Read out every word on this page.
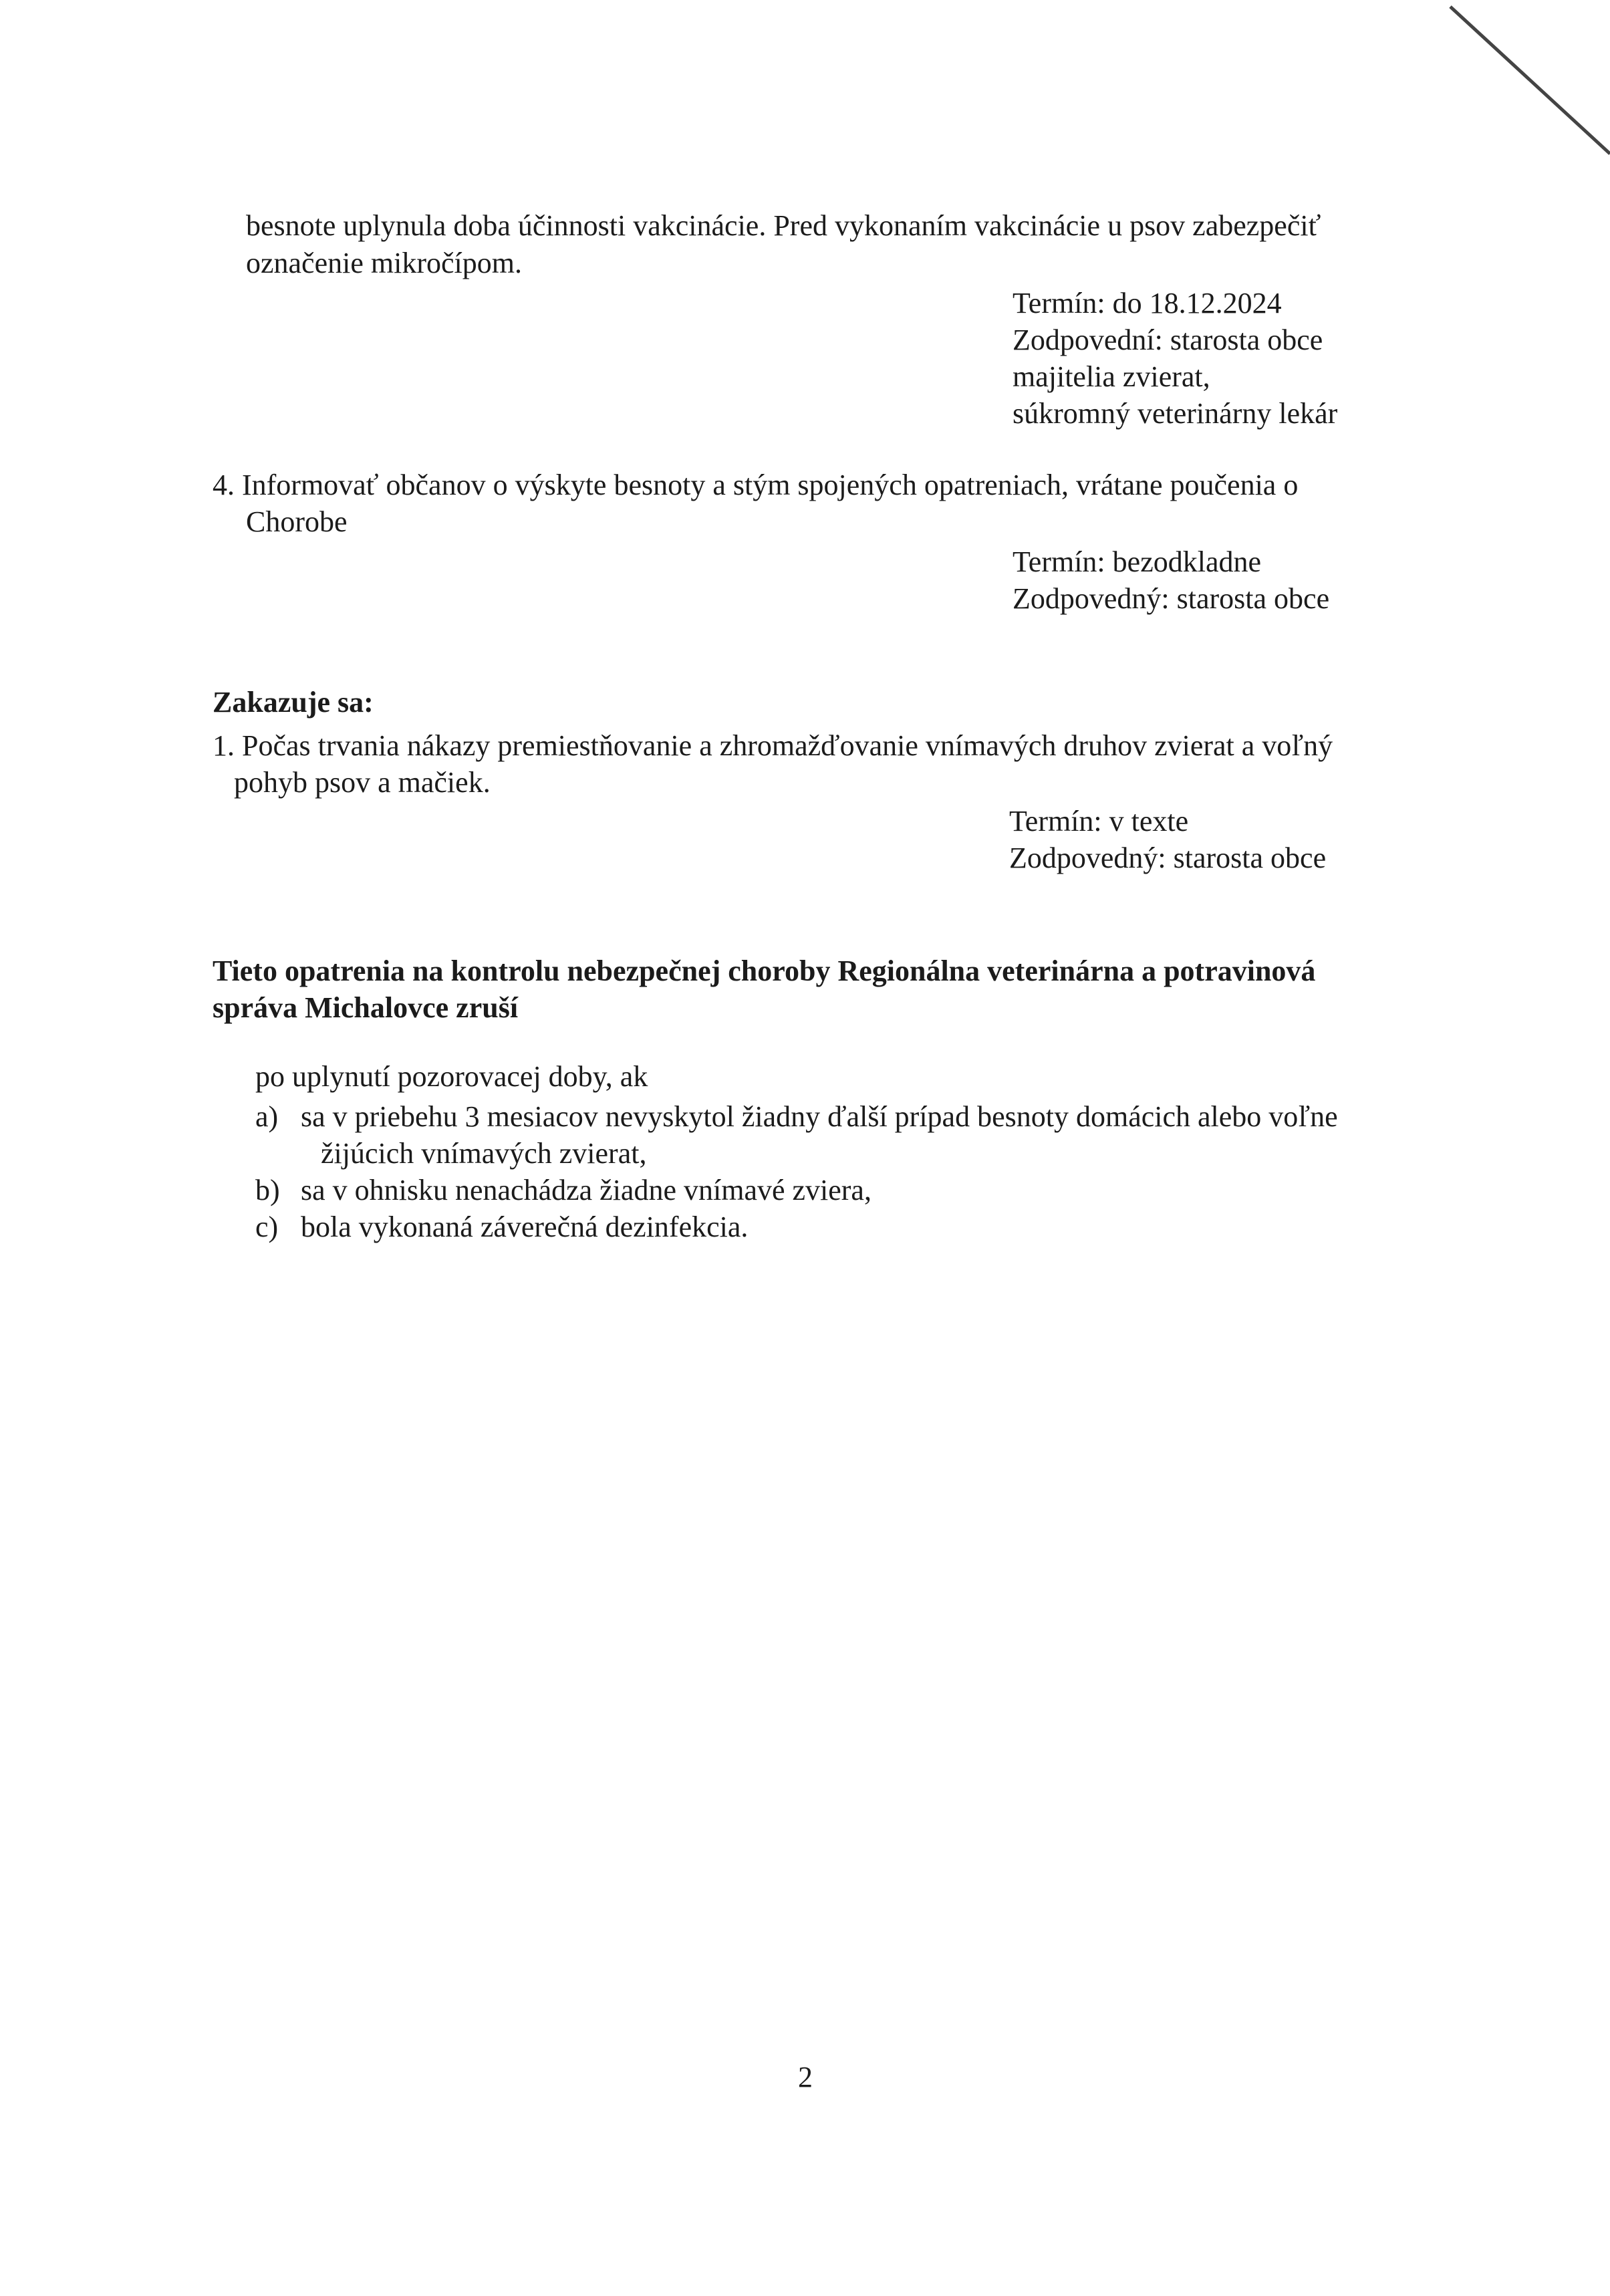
besnote uplynula doba účinnosti vakcinácie. Pred vykonaním vakcinácie u psov zabezpečiť

označenie mikročípom.

Termín: do 18.12.2024

Zodpovední: starosta obce

majitelia zvierat,

súkromný veterinárny lekár

4. Informovať občanov o výskyte besnoty a stým spojených opatreniach, vrátane poučenia o

Chorobe

Termín: bezodkladne

Zodpovedný: starosta obce

Zakazuje sa:

1. Počas trvania nákazy premiestňovanie a zhromažďovanie vnímavých druhov zvierat a voľný

pohyb psov a mačiek.

Termín: v texte

Zodpovedný: starosta obce

Tieto opatrenia na kontrolu nebezpečnej choroby Regionálna veterinárna a potravinová

správa Michalovce zruší

po uplynutí pozorovacej doby, ak

a) sa v priebehu 3 mesiacov nevyskytol žiadny ďalší prípad besnoty domácich alebo voľne

žijúcich vnímavých zvierat,

b) sa v ohnisku nenachádza žiadne vnímavé zviera,

c) bola vykonaná záverečná dezinfekcia.

2
